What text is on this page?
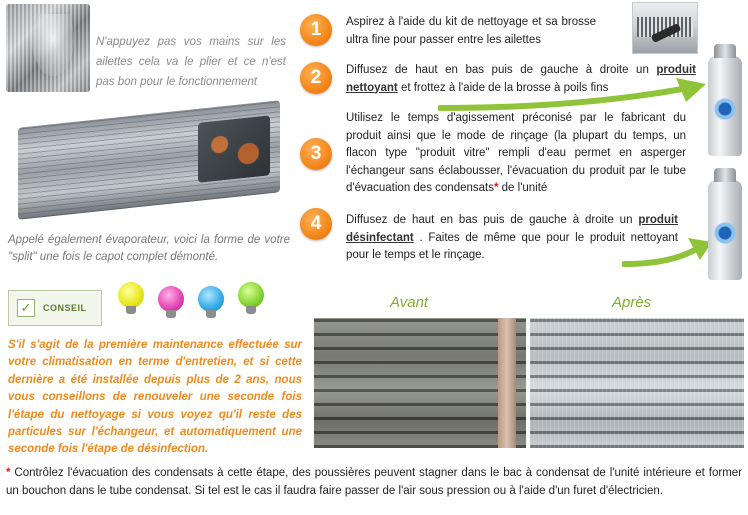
N'appuyez pas vos mains sur les ailettes cela va le plier et ce n'est pas bon pour le fonctionnement
Appelé également évaporateur, voici la forme de votre "split" une fois le capot complet démonté.
✓	CONSEIL
S'il s'agit de la première maintenance effectuée sur votre climatisation en terme d'entretien, et si cette dernière a été installée depuis plus de 2 ans, nous vous conseillons de renouveler une seconde fois l'étape du nettoyage si vous voyez qu'il reste des particules sur l'échangeur, et automatiquement une seconde fois l'étape de désinfection.
1	Aspirez à l'aide du kit de nettoyage et sa brosse ultra fine pour passer entre les ailettes
2	Diffusez de haut en bas puis de gauche à droite un produit nettoyant et frottez à l'aide de la brosse à poils fins
3
Utilisez le temps d'agissement préconisé par le fabricant du produit ainsi que le mode de rinçage (la plupart du temps, un flacon type "produit vitre" rempli d'eau permet en asperger l'échangeur sans éclabousser, l'évacuation du produit par le tube d'évacuation des condensats* de l'unité
4	Diffusez de haut en bas puis de gauche à droite un produit désinfectant . Faites de même que pour le produit nettoyant pour le temps et le rinçage.
Avant	Après
* Contrôlez l'évacuation des condensats à cette étape, des poussières peuvent stagner dans le bac à condensat de l'unité intérieure et former un bouchon dans le tube condensat. Si tel est le cas il faudra faire passer de l'air sous pression ou à l'aide d'un furet d'électricien.
